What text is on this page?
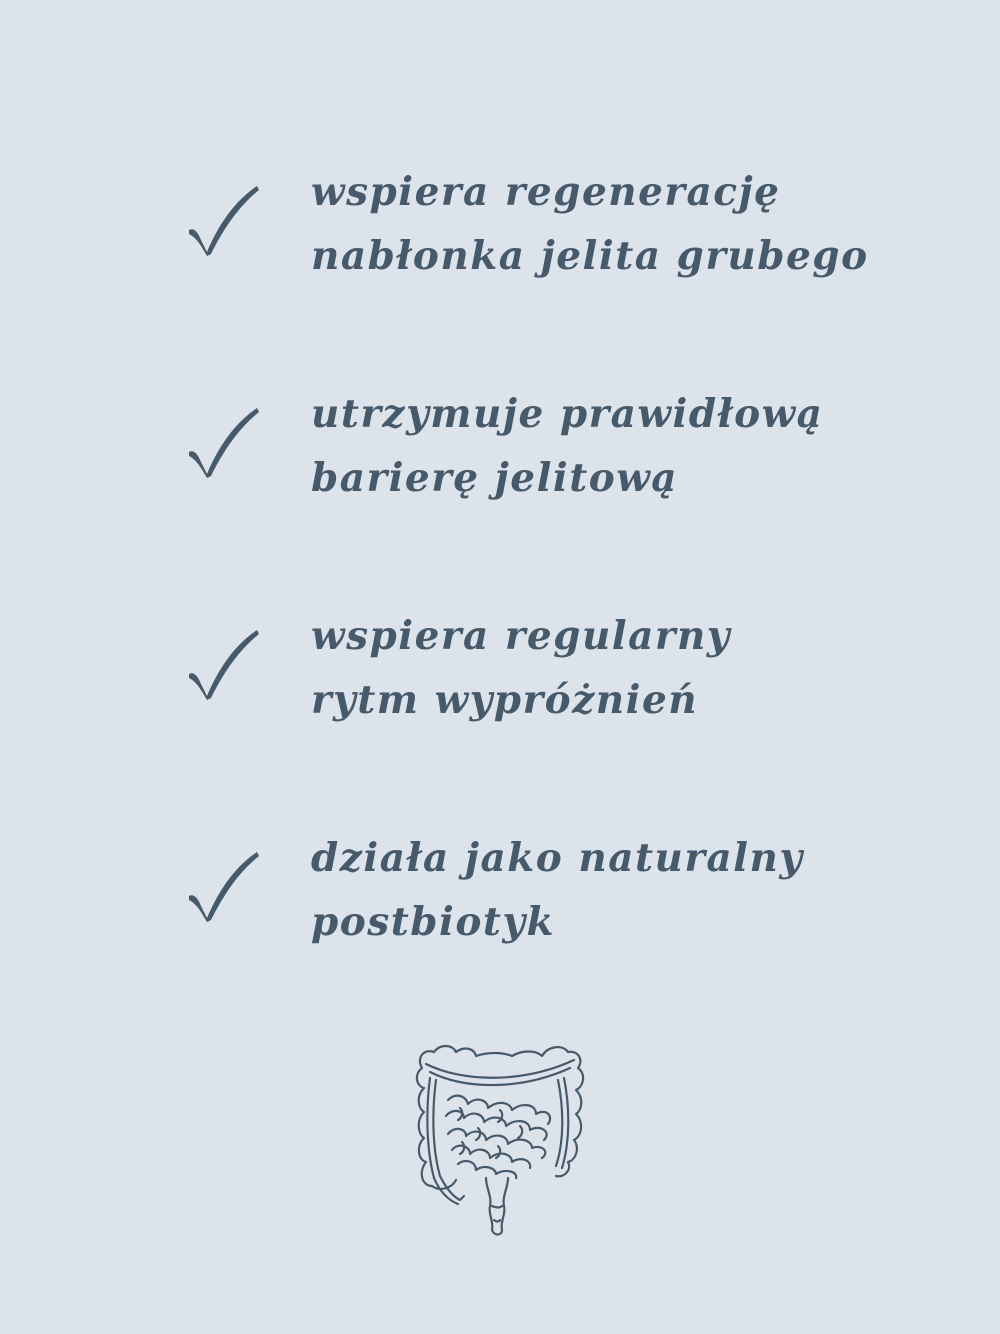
wspiera regenerację
nabłonka jelita grubego
utrzymuje prawidłową
barierę jelitową
wspiera regularny
rytm wypróżnień
działa jako naturalny
postbiotyk
